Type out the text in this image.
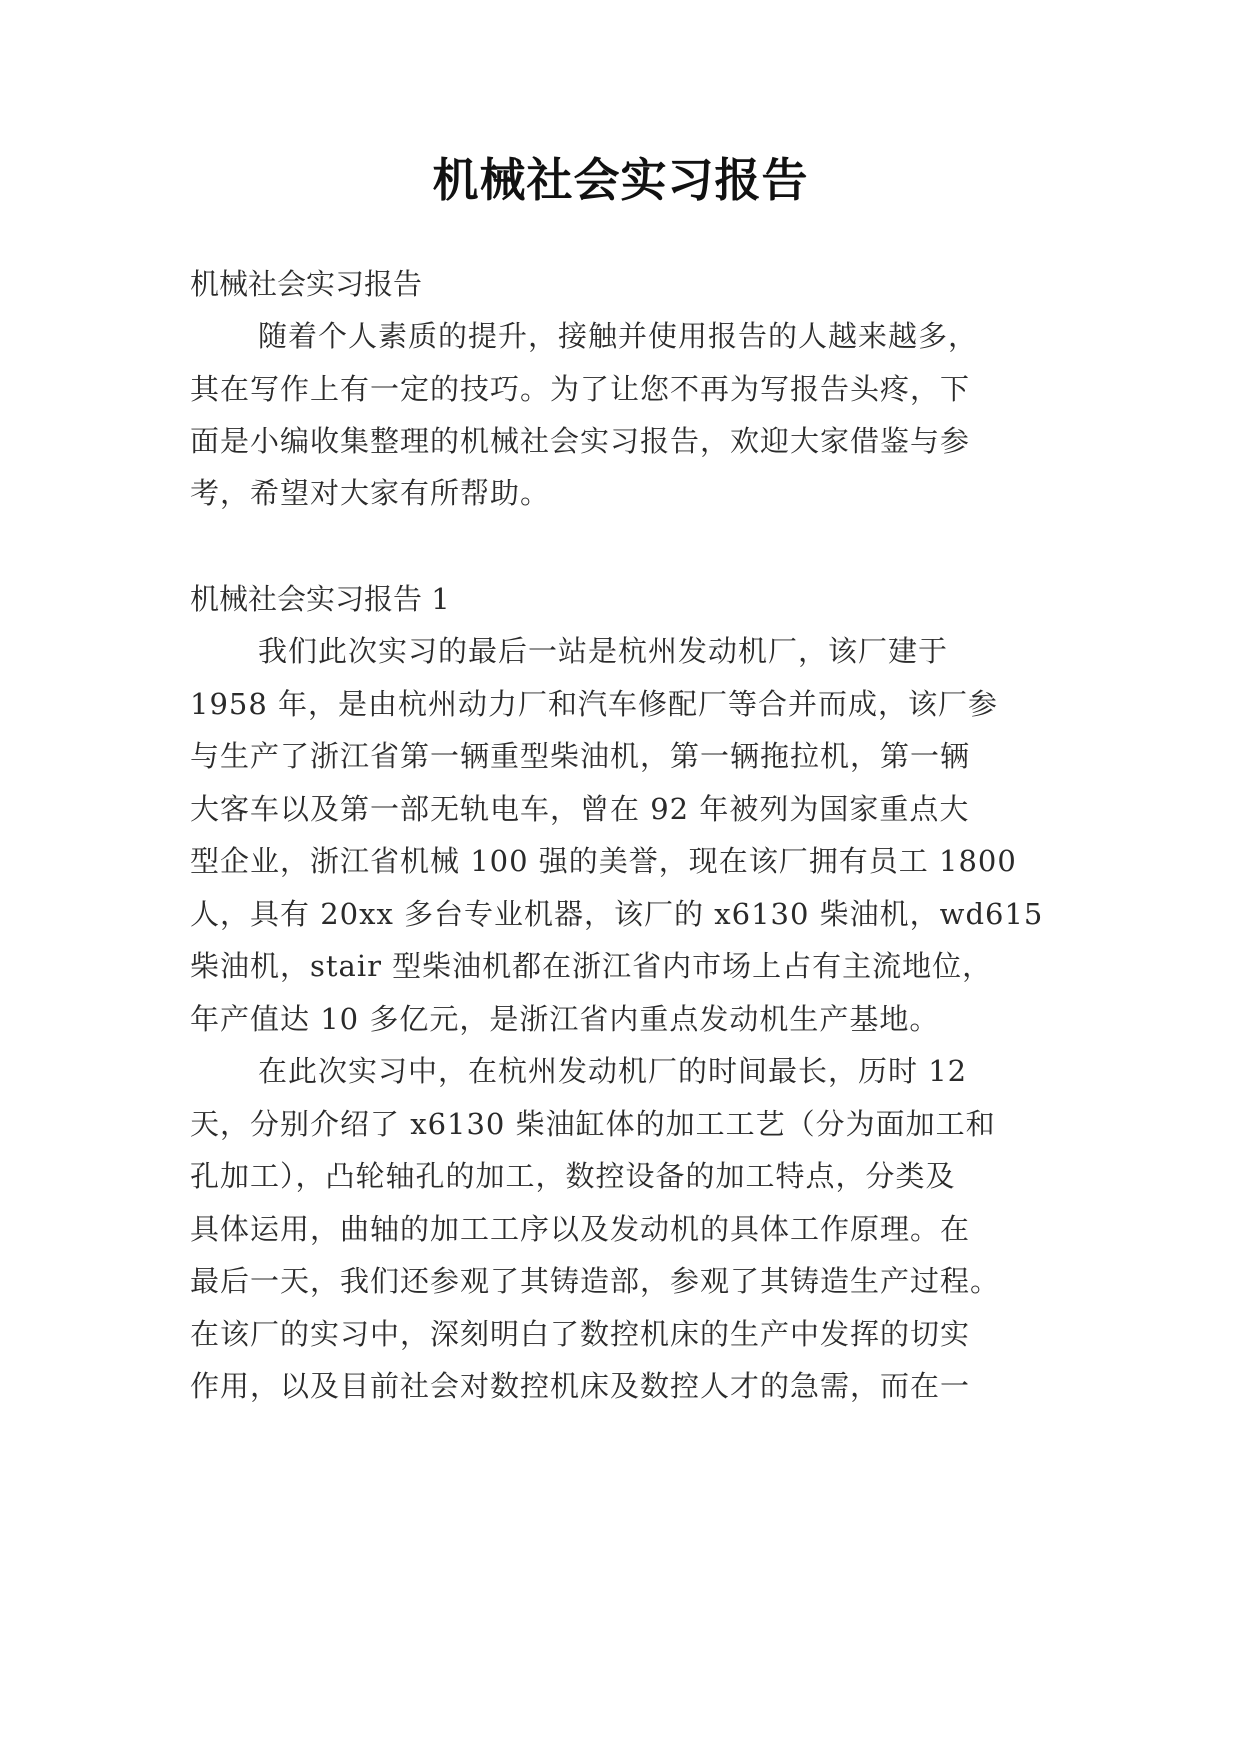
机械社会实习报告
机械社会实习报告
随着个人素质的提升，接触并使用报告的人越来越多，
其在写作上有一定的技巧。为了让您不再为写报告头疼，下
面是小编收集整理的机械社会实习报告，欢迎大家借鉴与参
考，希望对大家有所帮助。
机械社会实习报告 1
我们此次实习的最后一站是杭州发动机厂，该厂建于
1958 年，是由杭州动力厂和汽车修配厂等合并而成，该厂参
与生产了浙江省第一辆重型柴油机，第一辆拖拉机，第一辆
大客车以及第一部无轨电车，曾在 92 年被列为国家重点大
型企业，浙江省机械 100 强的美誉，现在该厂拥有员工 1800
人，具有 20xx 多台专业机器，该厂的 x6130 柴油机，wd615
柴油机，stair 型柴油机都在浙江省内市场上占有主流地位，
年产值达 10 多亿元，是浙江省内重点发动机生产基地。
在此次实习中，在杭州发动机厂的时间最长，历时 12
天，分别介绍了 x6130 柴油缸体的加工工艺（分为面加工和
孔加工），凸轮轴孔的加工，数控设备的加工特点，分类及
具体运用，曲轴的加工工序以及发动机的具体工作原理。在
最后一天，我们还参观了其铸造部，参观了其铸造生产过程。
在该厂的实习中，深刻明白了数控机床的生产中发挥的切实
作用，以及目前社会对数控机床及数控人才的急需，而在一
